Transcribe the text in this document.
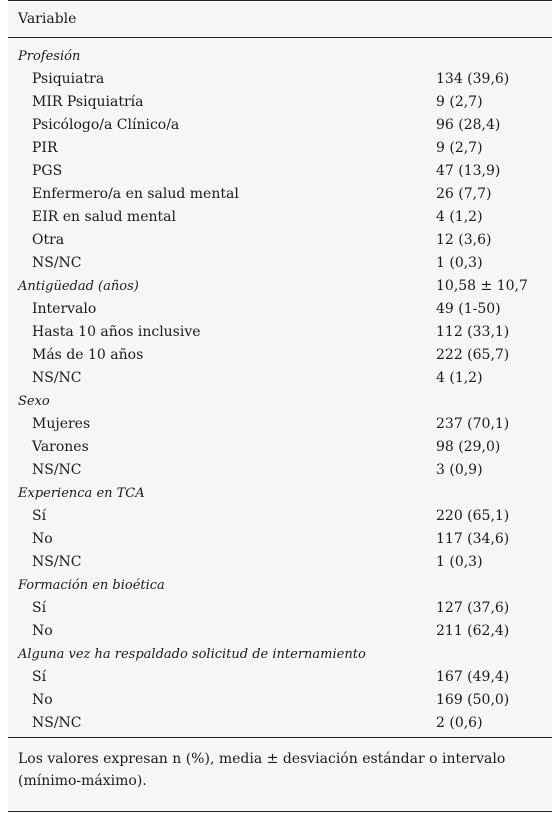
Variable
Profesión
Psiquiatra	134 (39,6)
MIR Psiquiatría	9 (2,7)
Psicólogo/a Clínico/a	96 (28,4)
PIR	9 (2,7)
PGS	47 (13,9)
Enfermero/a en salud mental	26 (7,7)
EIR en salud mental	4 (1,2)
Otra	12 (3,6)
NS/NC	1 (0,3)
Antigüedad (años)	10,58 ± 10,7
Intervalo	49 (1-50)
Hasta 10 años inclusive	112 (33,1)
Más de 10 años	222 (65,7)
NS/NC	4 (1,2)
Sexo
Mujeres	237 (70,1)
Varones	98 (29,0)
NS/NC	3 (0,9)
Experienca en TCA
Sí	220 (65,1)
No	117 (34,6)
NS/NC	1 (0,3)
Formación en bioética
Sí	127 (37,6)
No	211 (62,4)
Alguna vez ha respaldado solicitud de internamiento
Sí	167 (49,4)
No	169 (50,0)
NS/NC	2 (0,6)
Los valores expresan n (%), media ± desviación estándar o intervalo (mínimo-máximo).
